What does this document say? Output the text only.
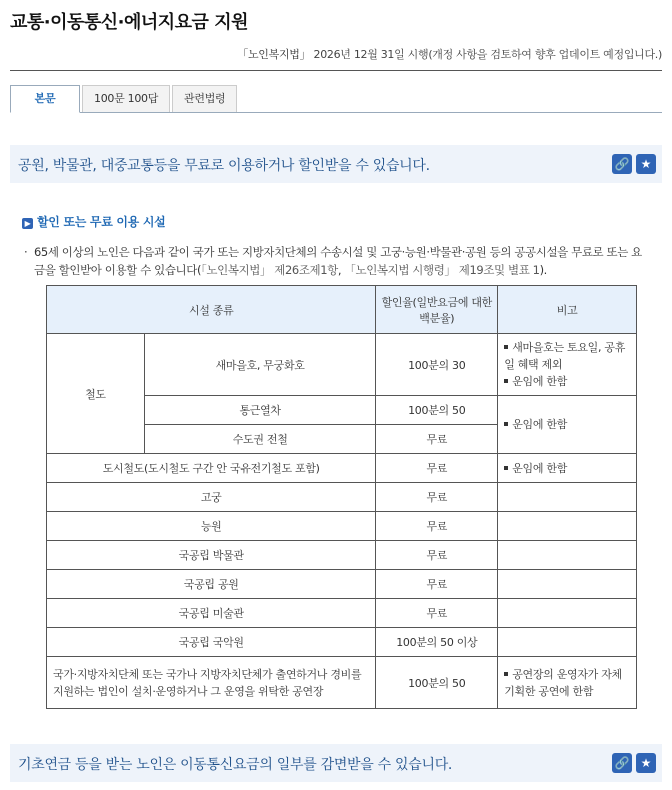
교통·이동통신·에너지요금 지원
「노인복지법」 2026년 12월 31일 시행(개정 사항을 검토하여 향후 업데이트 예정입니다.)
본문	100문 100답	관련법령
공원, 박물관, 대중교통등을 무료로 이용하거나 할인받을 수 있습니다.	🔗 ★
▶ 할인 또는 무료 이용 시설
· 65세 이상의 노인은 다음과 같이 국가 또는 지방자치단체의 수송시설 및 고궁·능원·박물관·공원 등의 공공시설을 무료로 또는 요금을 할인받아 이용할 수 있습니다(「노인복지법」 제26조제1항, 「노인복지법 시행령」 제19조및 별표 1).
시설 종류		할인율(일반요금에 대한 백분율)	비고
철도	새마을호, 무궁화호	100분의 30	새마을호는 토요일, 공휴일 혜택 제외
운임에 한함

	통근열차	100분의 50	운임에 한함

	수도권 전철	무료	
도시철도(도시철도 구간 안 국유전기철도 포함)		무료	운임에 한함

고궁		무료	
능원		무료	
국공립 박물관		무료	
국공립 공원		무료	
국공립 미술관		무료	
국공립 국악원		100분의 50 이상	
국가·지방자치단체 또는 국가나 지방자치단체가 출연하거나 경비를 지원하는 법인이 설치·운영하거나 그 운영을 위탁한 공연장		100분의 50	공연장의 운영자가 자체 기획한 공연에 한함
기초연금 등을 받는 노인은 이동통신요금의 일부를 감면받을 수 있습니다.	🔗 ★
